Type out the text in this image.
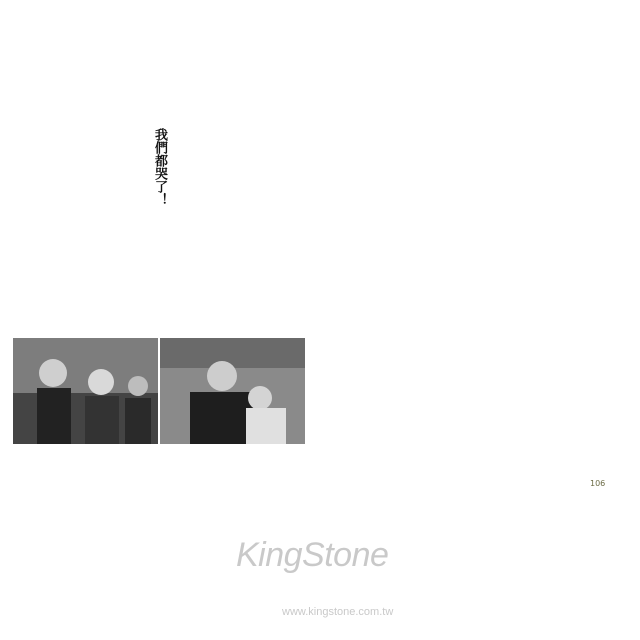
我們都哭了！
106
KingStone
www.kingstone.com.tw
